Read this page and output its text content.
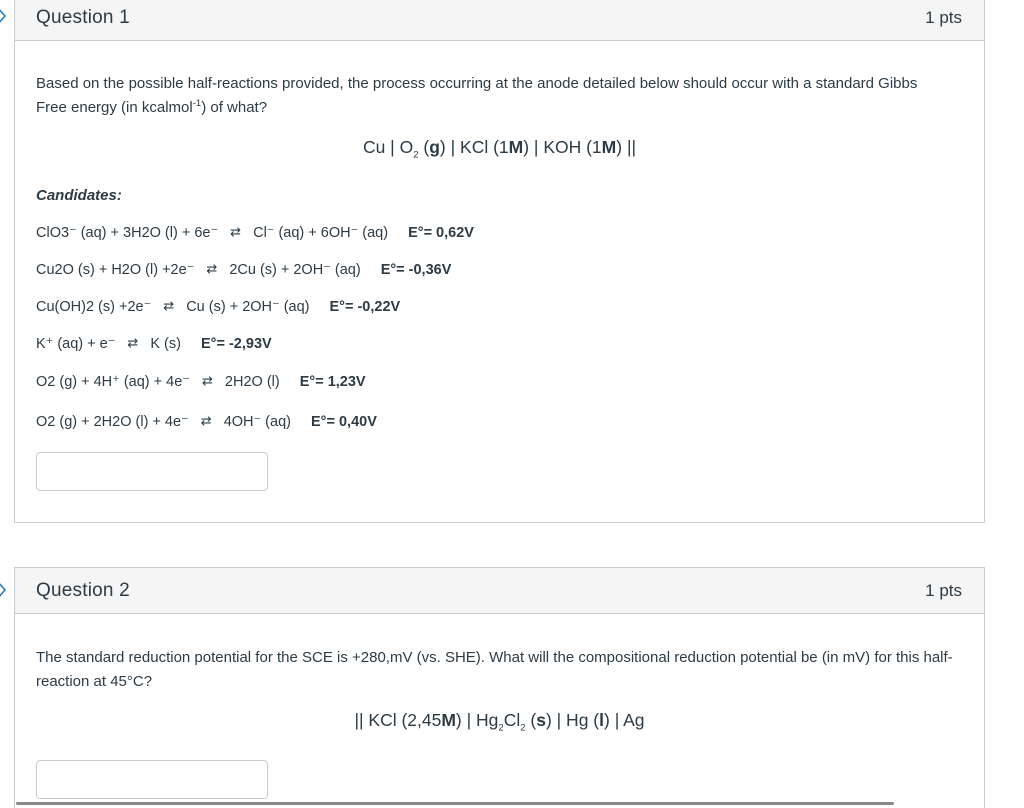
Question 1	1 pts

Based on the possible half-reactions provided, the process occurring at the anode detailed below should occur with a standard Gibbs Free energy (in kcalmol$^{-1}$) of what?

Cu | $O_2$ (g) | KCl (1M) | KOH (1M) ||
Candidates:
ClO3⁻ (aq) + 3H2O (l) + 6e⁻ ⇄ Cl⁻ (aq) + 6OH⁻ (aq) E°= 0,62V
Cu2O (s) + H2O (l) +2e⁻ ⇄ 2Cu (s) + 2OH⁻ (aq) E°= -0,36V
Cu(OH)2 (s) +2e⁻ ⇄ Cu (s) + 2OH⁻ (aq) E°= -0,22V
K⁺ (aq) + e⁻ ⇄ K (s) E°= -2,93V
O2 (g) + 4H⁺ (aq) + 4e⁻ ⇄ 2H2O (l) E°= 1,23V
O2 (g) + 2H2O (l) + 4e⁻ ⇄ 4OH⁻ (aq) E°= 0,40V
Question 2	1 pts

The standard reduction potential for the SCE is +280,mV (vs. SHE). What will the compositional reduction potential be (in mV) for this half-reaction at 45°C?

|| KCl (2,45M) | $Hg_2Cl_2$ (s) | Hg (l) | Ag
